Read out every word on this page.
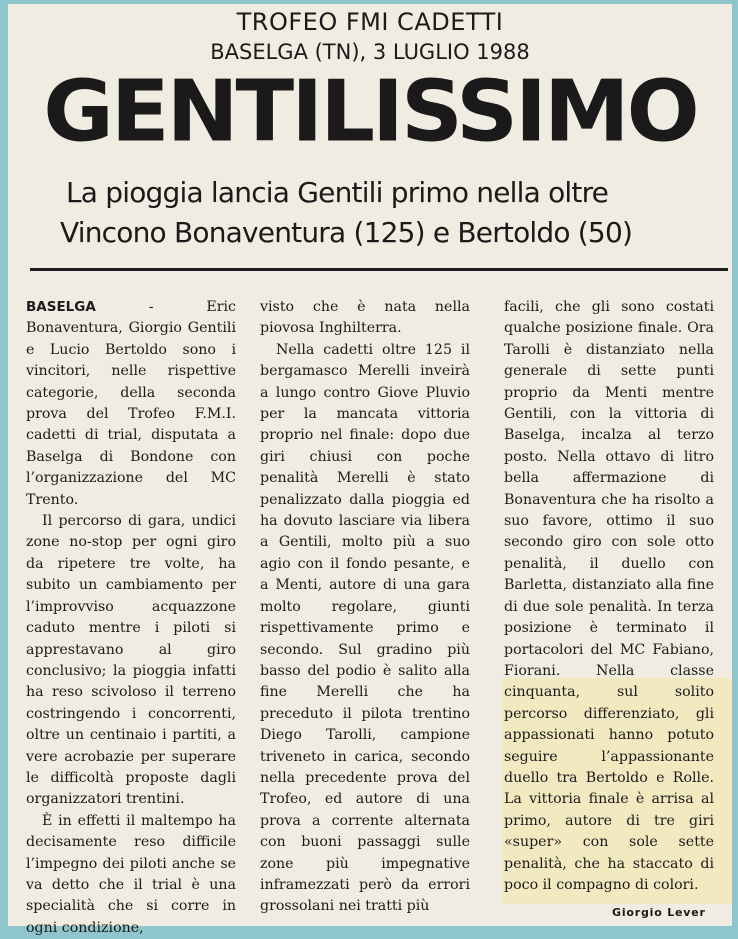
TROFEO FMI CADETTI
BASELGA (TN), 3 LUGLIO 1988
GENTILISSIMO
La pioggia lancia Gentili primo nella oltre
Vincono Bonaventura (125) e Bertoldo (50)

BASELGA - Eric Bonaventura, Giorgio Gentili e Lucio Bertoldo sono i vincitori, nelle rispettive categorie, della seconda prova del Trofeo F.M.I. cadetti di trial, disputata a Baselga di Bondone con l’organizzazione del MC Trento.

Il percorso di gara, undici zone no-stop per ogni giro da ripetere tre volte, ha subito un cambiamento per l’improvviso acquazzone caduto mentre i piloti si apprestavano al giro conclusivo; la pioggia infatti ha reso scivoloso il terreno costringendo i concorrenti, oltre un centinaio i partiti, a vere acrobazie per superare le difficoltà proposte dagli organizzatori trentini.

È in effetti il maltempo ha decisamente reso difficile l’impegno dei piloti anche se va detto che il trial è una specialità che si corre in ogni condizione,

visto che è nata nella piovosa Inghilterra.

Nella cadetti oltre 125 il bergamasco Merelli inveirà a lungo contro Giove Pluvio per la mancata vittoria proprio nel finale: dopo due giri chiusi con poche penalità Merelli è stato penalizzato dalla pioggia ed ha dovuto lasciare via libera a Gentili, molto più a suo agio con il fondo pesante, e a Menti, autore di una gara molto regolare, giunti rispettivamente primo e secondo. Sul gradino più basso del podio è salito alla fine Merelli che ha preceduto il pilota trentino Diego Tarolli, campione triveneto in carica, secondo nella precedente prova del Trofeo, ed autore di una prova a corrente alternata con buoni passaggi sulle zone più impegnative inframezzati però da errori grossolani nei tratti più

facili, che gli sono costati qualche posizione finale. Ora Tarolli è distanziato nella generale di sette punti proprio da Menti mentre Gentili, con la vittoria di Baselga, incalza al terzo posto. Nella ottavo di litro bella affermazione di Bonaventura che ha risolto a suo favore, ottimo il suo secondo giro con sole otto penalità, il duello con Barletta, distanziato alla fine di due sole penalità. In terza posizione è terminato il portacolori del MC Fabiano, Fiorani. Nella classe cinquanta, sul solito percorso differenziato, gli appassionati hanno potuto seguire l’appassionante duello tra Bertoldo e Rolle. La vittoria finale è arrisa al primo, autore di tre giri «super» con sole sette penalità, che ha staccato di poco il compagno di colori.

Giorgio Lever
